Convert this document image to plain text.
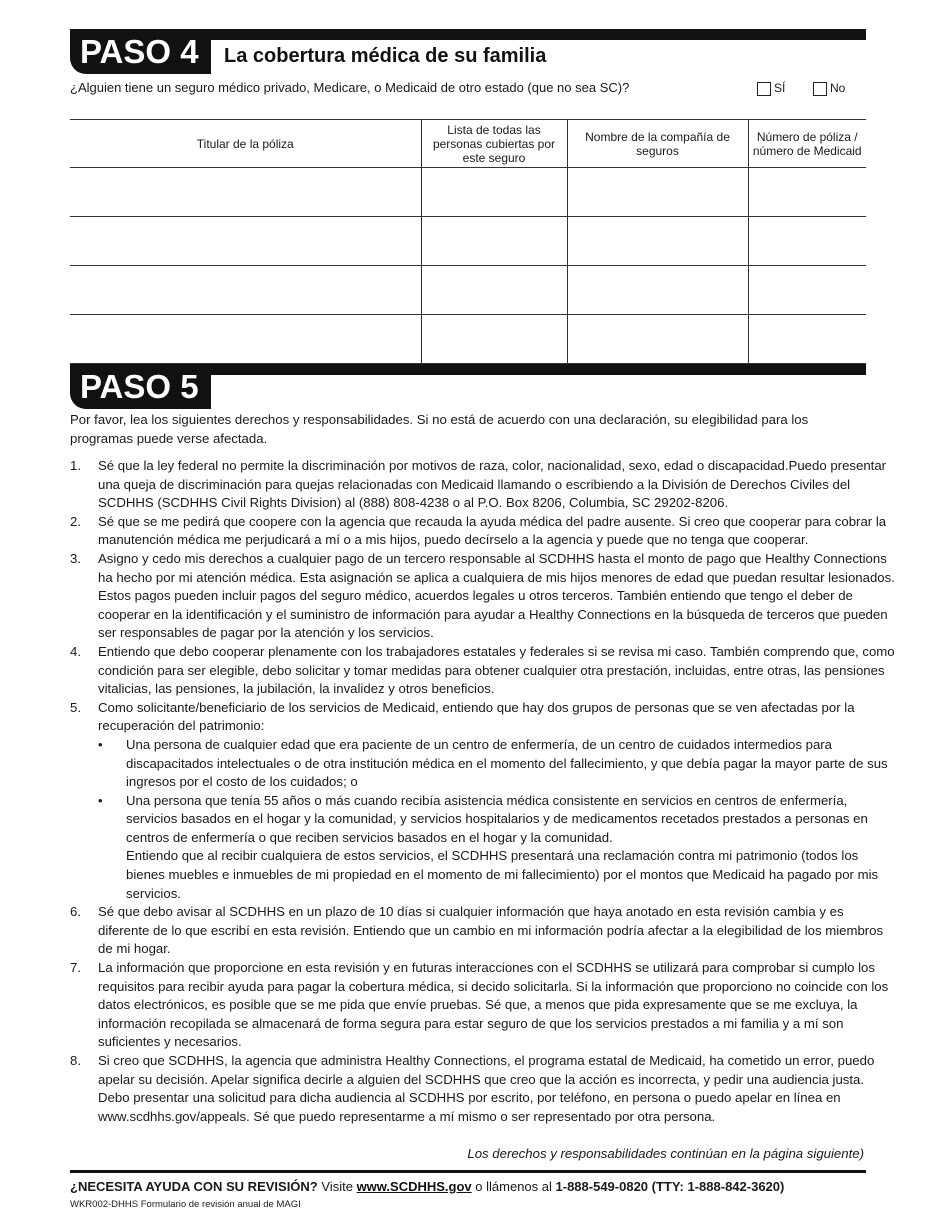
PASO 4	La cobertura médica de su familia
¿Alguien tiene un seguro médico privado, Medicare, o Medicaid de otro estado (que no sea SC)?	SÍ	No
Titular de la póliza	Lista de todas las personas cubiertas por este seguro	Nombre de la compañía de seguros	Número de póliza / número de Medicaid

PASO 5
Por favor, lea los siguientes derechos y responsabilidades. Si no está de acuerdo con una declaración, su elegibilidad para los programas puede verse afectada.
1. Sé que la ley federal no permite la discriminación por motivos de raza, color, nacionalidad, sexo, edad o discapacidad.Puedo presentar una queja de discriminación para quejas relacionadas con Medicaid llamando o escribiendo a la División de Derechos Civiles del SCDHHS (SCDHHS Civil Rights Division) al (888) 808-4238 o al P.O. Box 8206, Columbia, SC 29202-8206.
2. Sé que se me pedirá que coopere con la agencia que recauda la ayuda médica del padre ausente. Si creo que cooperar para cobrar la manutención médica me perjudicará a mí o a mis hijos, puedo decírselo a la agencia y puede que no tenga que cooperar.
3. Asigno y cedo mis derechos a cualquier pago de un tercero responsable al SCDHHS hasta el monto de pago que Healthy Connections ha hecho por mi atención médica. Esta asignación se aplica a cualquiera de mis hijos menores de edad que puedan resultar lesionados. Estos pagos pueden incluir pagos del seguro médico, acuerdos legales u otros terceros. También entiendo que tengo el deber de cooperar en la identificación y el suministro de información para ayudar a Healthy Connections en la búsqueda de terceros que pueden ser responsables de pagar por la atención y los servicios.
4. Entiendo que debo cooperar plenamente con los trabajadores estatales y federales si se revisa mi caso. También comprendo que, como condición para ser elegible, debo solicitar y tomar medidas para obtener cualquier otra prestación, incluidas, entre otras, las pensiones vitalicias, las pensiones, la jubilación, la invalidez y otros beneficios.
5. Como solicitante/beneficiario de los servicios de Medicaid, entiendo que hay dos grupos de personas que se ven afectadas por la recuperación del patrimonio:
• Una persona de cualquier edad que era paciente de un centro de enfermería, de un centro de cuidados intermedios para discapacitados intelectuales o de otra institución médica en el momento del fallecimiento, y que debía pagar la mayor parte de sus ingresos por el costo de los cuidados; o
• Una persona que tenía 55 años o más cuando recibía asistencia médica consistente en servicios en centros de enfermería, servicios basados en el hogar y la comunidad, y servicios hospitalarios y de medicamentos recetados prestados a personas en centros de enfermería o que reciben servicios basados en el hogar y la comunidad.
Entiendo que al recibir cualquiera de estos servicios, el SCDHHS presentará una reclamación contra mi patrimonio (todos los bienes muebles e inmuebles de mi propiedad en el momento de mi fallecimiento) por el montos que Medicaid ha pagado por mis servicios.
6. Sé que debo avisar al SCDHHS en un plazo de 10 días si cualquier información que haya anotado en esta revisión cambia y es diferente de lo que escribí en esta revisión. Entiendo que un cambio en mi información podría afectar a la elegibilidad de los miembros de mi hogar.
7. La información que proporcione en esta revisión y en futuras interacciones con el SCDHHS se utilizará para comprobar si cumplo los requisitos para recibir ayuda para pagar la cobertura médica, si decido solicitarla. Si la información que proporciono no coincide con los datos electrónicos, es posible que se me pida que envíe pruebas. Sé que, a menos que pida expresamente que se me excluya, la información recopilada se almacenará de forma segura para estar seguro de que los servicios prestados a mi familia y a mí son suficientes y necesarios.
8. Si creo que SCDHHS, la agencia que administra Healthy Connections, el programa estatal de Medicaid, ha cometido un error, puedo apelar su decisión. Apelar significa decirle a alguien del SCDHHS que creo que la acción es incorrecta, y pedir una audiencia justa. Debo presentar una solicitud para dicha audiencia al SCDHHS por escrito, por teléfono, en persona o puedo apelar en línea en www.scdhhs.gov/appeals. Sé que puedo representarme a mí mismo o ser representado por otra persona.
Los derechos y responsabilidades continúan en la página siguiente)
¿NECESITA AYUDA CON SU REVISIÓN? Visite www.SCDHHS.gov o llámenos al 1-888-549-0820 (TTY: 1-888-842-3620)
WKR002-DHHS Formulario de revisión anual de MAGI
